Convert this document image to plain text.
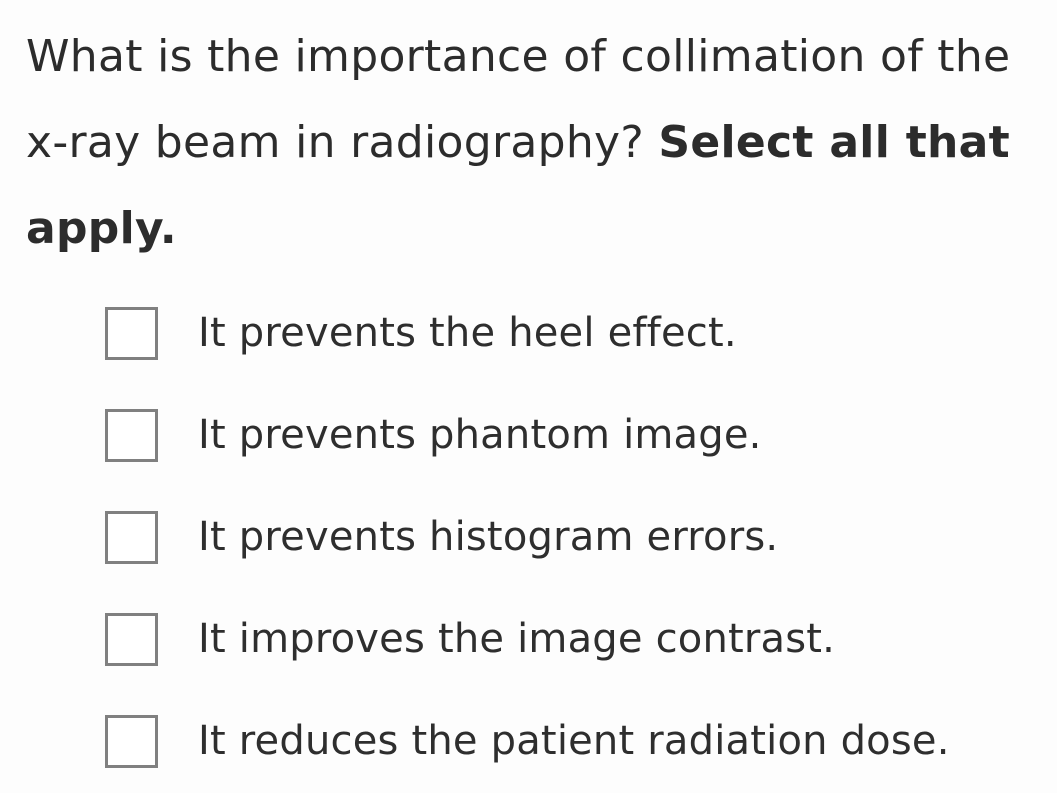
What is the importance of collimation of the x-ray beam in radiography? Select all that apply.

It prevents the heel effect.
It prevents phantom image.
It prevents histogram errors.
It improves the image contrast.
It reduces the patient radiation dose.
